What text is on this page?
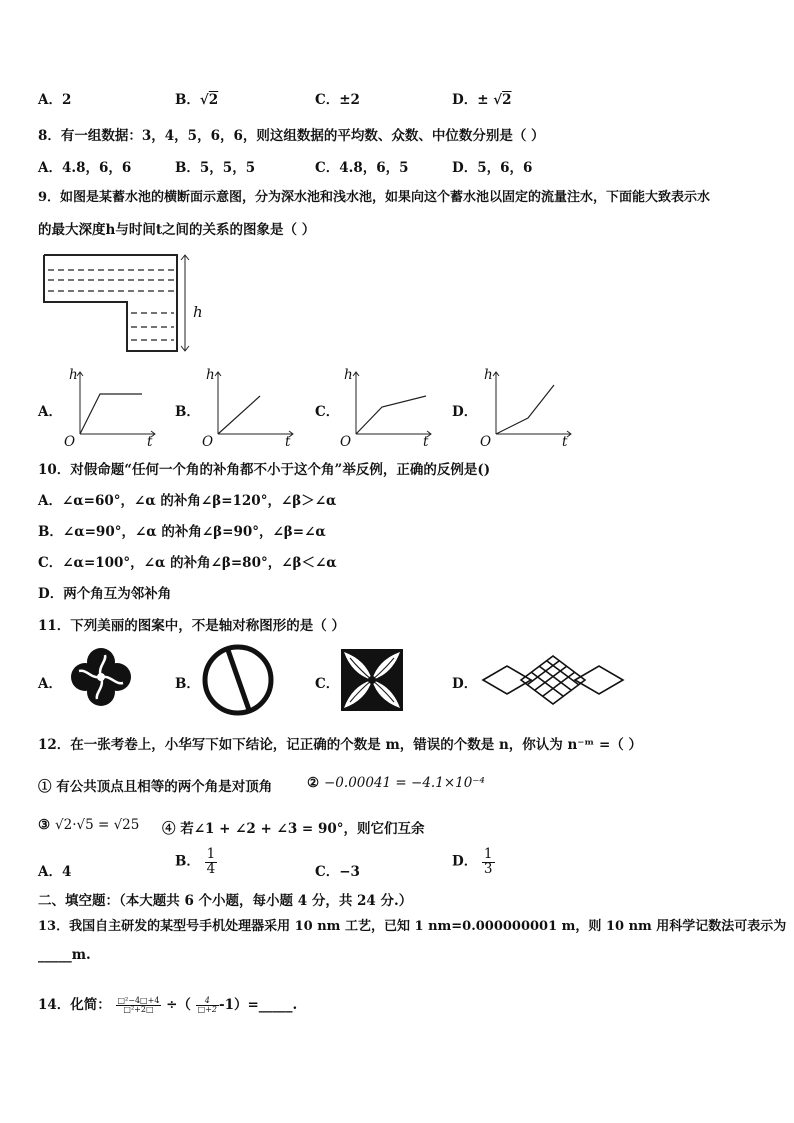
A．2	B．√2	C．±2	D．± √2
8．有一组数据：3，4，5，6，6，则这组数据的平均数、众数、中位数分别是（ ）
A．4.8，6，6	B．5，5，5	C．4.8，6，5	D．5，6，6
9．如图是某蓄水池的横断面示意图，分为深水池和浅水池，如果向这个蓄水池以固定的流量注水，下面能大致表示水
的最大深度h与时间t之间的关系的图象是（ ）
h
A．
h
O	t
B．
h
O	t
C．
h
O	t
D．
h
O	t
10．对假命题“任何一个角的补角都不小于这个角”举反例，正确的反例是()
A．∠α=60°，∠α 的补角∠β=120°，∠β＞∠α
B．∠α=90°，∠α 的补角∠β=90°，∠β=∠α
C．∠α=100°，∠α 的补角∠β=80°，∠β＜∠α
D．两个角互为邻补角
11．下列美丽的图案中，不是轴对称图形的是（ ）
A．	B．	C．	D．
12．在一张考卷上，小华写下如下结论，记正确的个数是 m，错误的个数是 n，你认为 n⁻ᵐ =（ ）
① 有公共顶点且相等的两个角是对顶角	② −0.00041 = −4.1×10⁻⁴
③ √2·√5 = √25 ④ 若∠1 + ∠2 + ∠3 = 90°，则它们互余
A．4
B． $\frac{1}{4}$	C．−3
D． $\frac{1}{3}$
二、填空题：（本大题共 6 个小题，每小题 4 分，共 24 分.）
13．我国自主研发的某型号手机处理器采用 10 nm 工艺，已知 1 nm=0.000000001 m，则 10 nm 用科学记数法可表示为
_____m.
14．化简： $\frac{\text{□²−4□+4}}{\text{□²+2□}}$ ÷（ $\frac{4}{□+2}$ -1）=_____.
